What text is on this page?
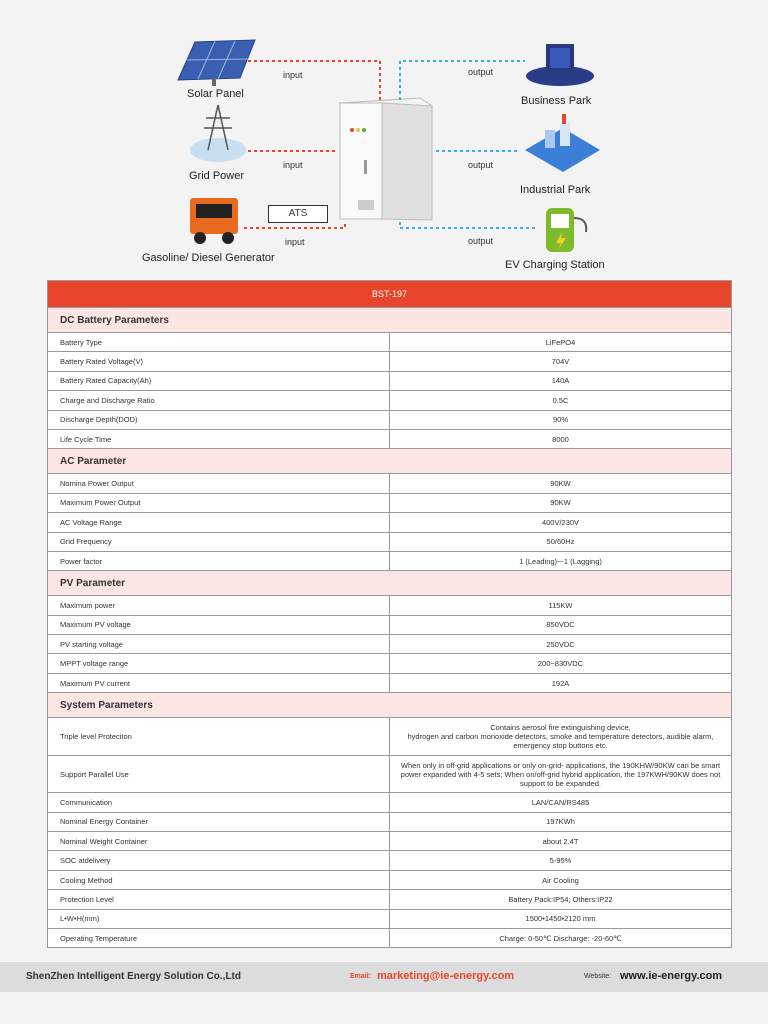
Solar Panel
Grid Power
Gasoline/ Diesel Generator
Business Park
Industrial Park
EV Charging Station
input
input
input
output
output
output
ATS
BST-197	
DC Battery Parameters	
Battery Type	LiFePO4
Battery Rated Voltage(V)	704V
Battery Rated Capacity(Ah)	140A
Charge and Discharge Ratio	0.5C
Discharge Depth(DOD)	90%
Life Cycle Time	8000
AC Parameter	
Nomina Power Output	90KW
Maximum Power Output	90KW
AC Voltage Range	400V/230V
Grid Frequency	50/60Hz
Power factor	1 (Leading)~-1 (Lagging)
PV Parameter	
Maximum power	115KW
Maximum PV voltage	850VDC
PV starting voltage	250VDC
MPPT voltage range	200~830VDC
Maximum PV current	192A
System Parameters	
Triple level Proteciton	Contains aerosol fire extinguishing device,
hydrogen and carbon monoxide detectors, smoke and temperature detectors, audible alarm, emergency stop buttons etc.
Support Parallel Use	When only in off-grid applications or only on-grid- applications, the 190KHW/90KW can be smart power expanded with 4-5 sets; When on/off-grid hybrid application, the 197KWH/90KW does not support to be expanded.
Communication	LAN/CAN/RS485
Nominal Energy Container	197KWh
Nominal Weight Container	about 2.4T
SOC atdelivery	5-95%
Cooling Method	Air Cooling
Protection Level	Battery Pack:IP54; Others:IP22
L•W•H(mm)	1500•1450•2120 mm
Operating Temperature	Charge: 0-50℃ Discharge: -20-60℃
ShenZhen Intelligent Energy Solution Co.,Ltd	Email: marketing@ie-energy.com	Website: www.ie-energy.com
